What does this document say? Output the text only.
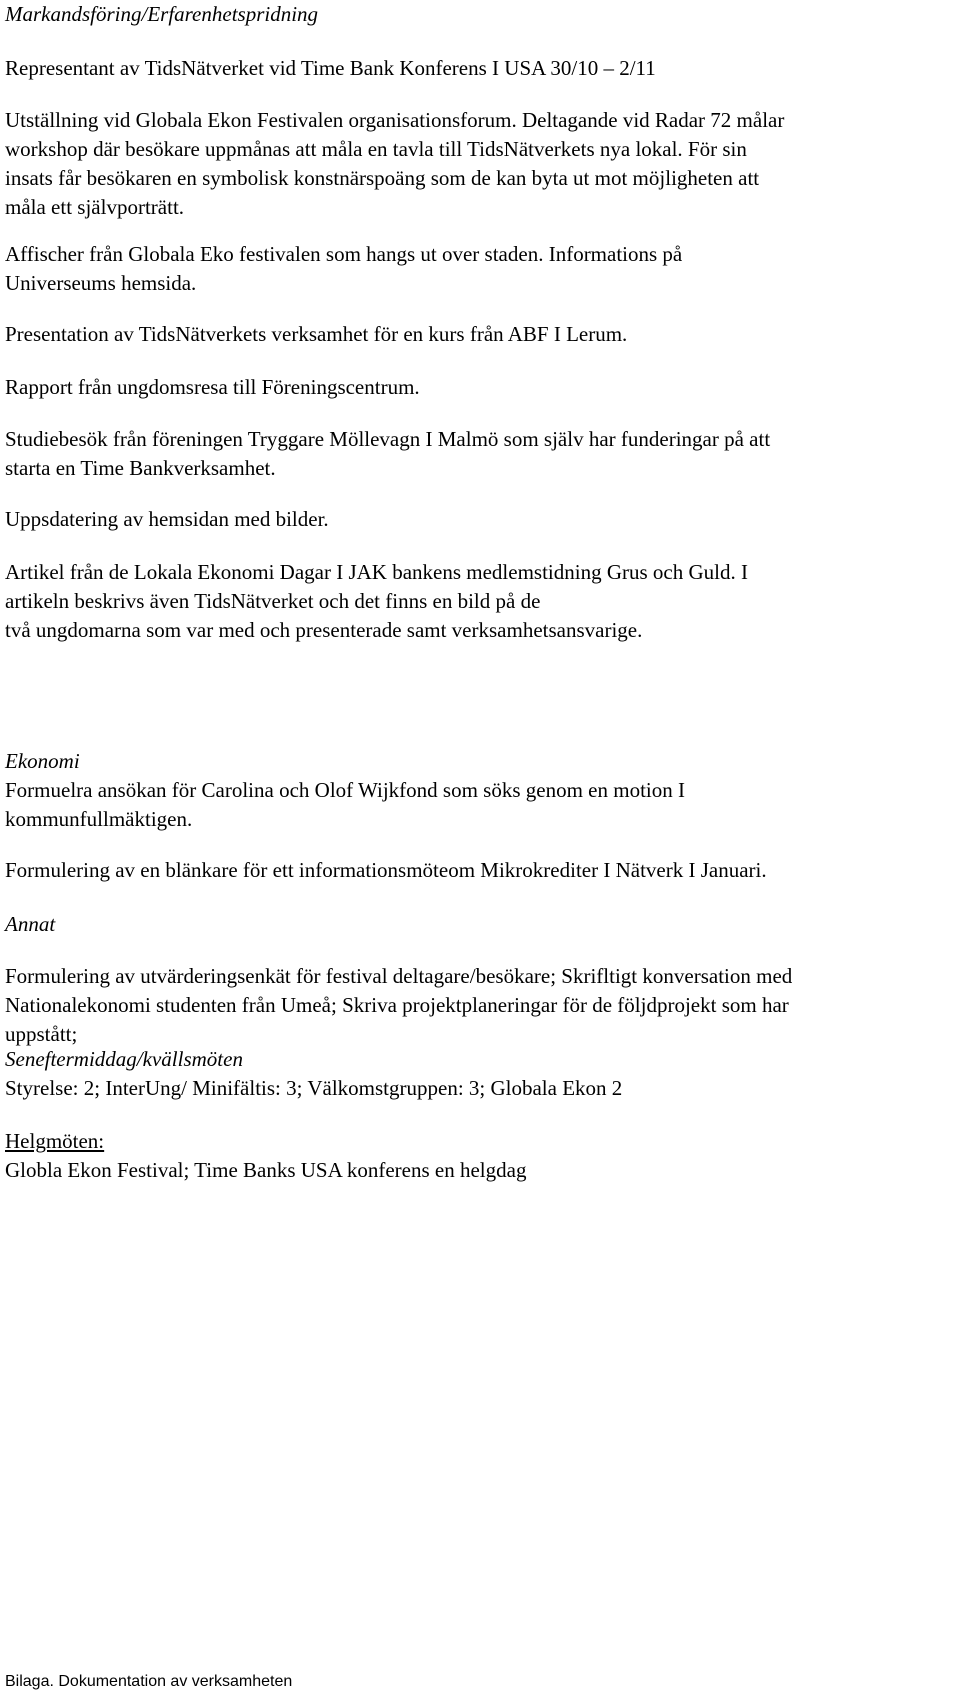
Markandsföring/Erfarenhetspridning
Representant av TidsNätverket vid Time Bank Konferens I USA 30/10 – 2/11
Utställning vid Globala Ekon Festivalen organisationsforum. Deltagande vid Radar 72 målar
workshop där besökare uppmånas att måla en tavla till TidsNätverkets nya lokal. För sin
insats får besökaren en symbolisk konstnärspoäng som de kan byta ut mot möjligheten att
måla ett självporträtt.
Affischer från Globala Eko festivalen som hangs ut over staden. Informations på
Universeums hemsida.
Presentation av TidsNätverkets verksamhet för en kurs från ABF I Lerum.
Rapport från ungdomsresa till Föreningscentrum.
Studiebesök från föreningen Tryggare Möllevagn I Malmö som själv har funderingar på att
starta en Time Bankverksamhet.
Uppsdatering av hemsidan med bilder.
Artikel från de Lokala Ekonomi Dagar I JAK bankens medlemstidning Grus och Guld. I
artikeln beskrivs även TidsNätverket och det finns en bild på de
två ungdomarna som var med och presenterade samt verksamhetsansvarige.
Ekonomi
Formuelra ansökan för Carolina och Olof Wijkfond som söks genom en motion I
kommunfullmäktigen.
Formulering av en blänkare för ett informationsmöteom Mikrokrediter I Nätverk I Januari.
Annat
Formulering av utvärderingsenkät för festival deltagare/besökare; Skrifltigt konversation med
Nationalekonomi studenten från Umeå; Skriva projektplaneringar för de följdprojekt som har
uppstått;
Seneftermiddag/kvällsmöten
Styrelse: 2; InterUng/ Minifältis: 3; Välkomstgruppen: 3; Globala Ekon 2
Helgmöten:
Globla Ekon Festival; Time Banks USA konferens en helgdag
Bilaga. Dokumentation av verksamheten
